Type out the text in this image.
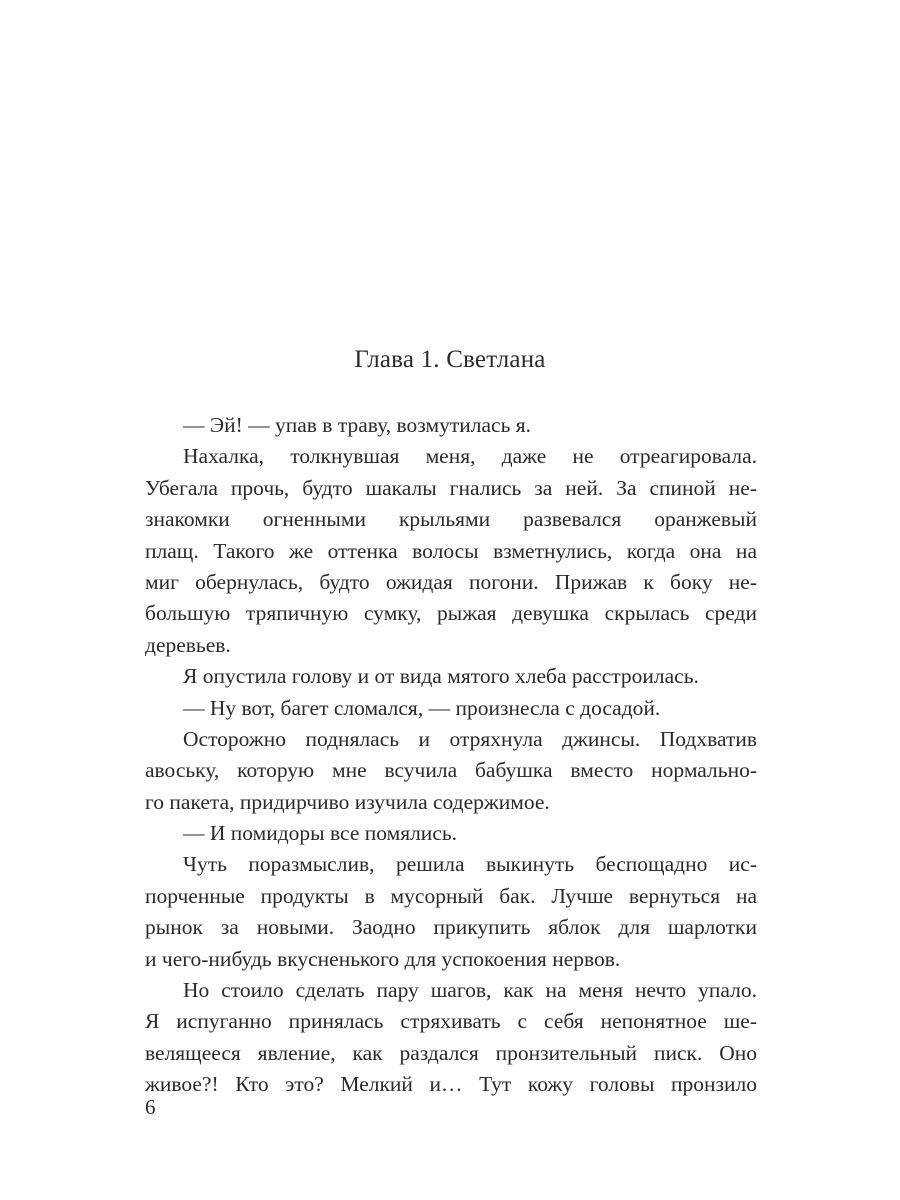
Глава 1. Светлана
— Эй! — упав в траву, возмутилась я.
Нахалка, толкнувшая меня, даже не отреагировала.
Убегала прочь, будто шакалы гнались за ней. За спиной не-
знакомки огненными крыльями развевался оранжевый
плащ. Такого же оттенка волосы взметнулись, когда она на
миг обернулась, будто ожидая погони. Прижав к боку не-
большую тряпичную сумку, рыжая девушка скрылась среди
деревьев.
Я опустила голову и от вида мятого хлеба расстроилась.
— Ну вот, багет сломался, — произнесла с досадой.
Осторожно поднялась и отряхнула джинсы. Подхватив
авоську, которую мне всучила бабушка вместо нормально-
го пакета, придирчиво изучила содержимое.
— И помидоры все помялись.
Чуть поразмыслив, решила выкинуть беспощадно ис-
порченные продукты в мусорный бак. Лучше вернуться на
рынок за новыми. Заодно прикупить яблок для шарлотки
и чего-нибудь вкусненького для успокоения нервов.
Но стоило сделать пару шагов, как на меня нечто упало.
Я испуганно принялась стряхивать с себя непонятное ше-
велящееся явление, как раздался пронзительный писк. Оно
живое?! Кто это? Мелкий и… Тут кожу головы пронзило
6
